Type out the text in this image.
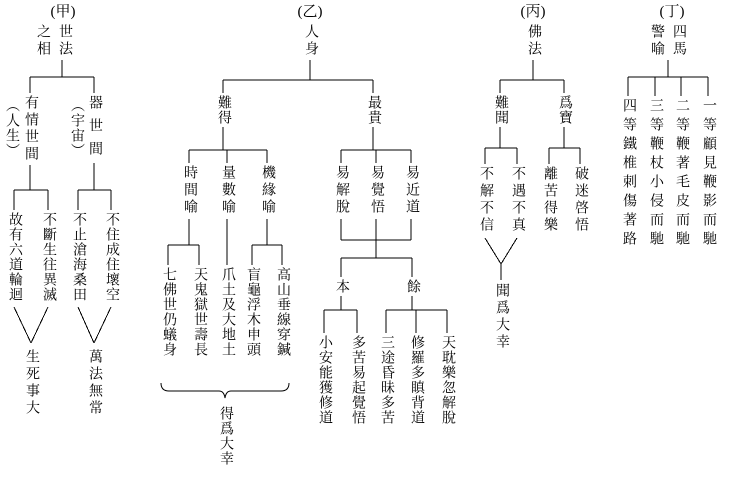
(甲)
世法
之相
有情世間
（人生）	器世間
（宇宙）
故有六道輪迴 不斷生往異滅 不止滄海桑田 不住成住壞空
生死事大	萬法無常
(乙)
人身
難得	最貴
時間喻 量數喻 機緣喻	易解脫 易覺悟 易近道
七佛世仍蟻身 天鬼獄世壽長 爪土及大地土 盲龜浮木申頭 高山垂線穿鍼
得爲大幸
本	餘
小安能獲修道 多苦易起覺悟 三途昏昧多苦 修羅多瞋背道 天耽樂忽解脫
(丙)
佛法
難聞	爲寶
不解不信 不遇不真 離苦得樂 破迷啓悟
聞爲大幸
(丁)
四馬
警喻
一等顧見鞭影而馳
二等鞭著毛皮而馳
三等鞭杖小侵而馳
四等鐵椎刺傷著路
